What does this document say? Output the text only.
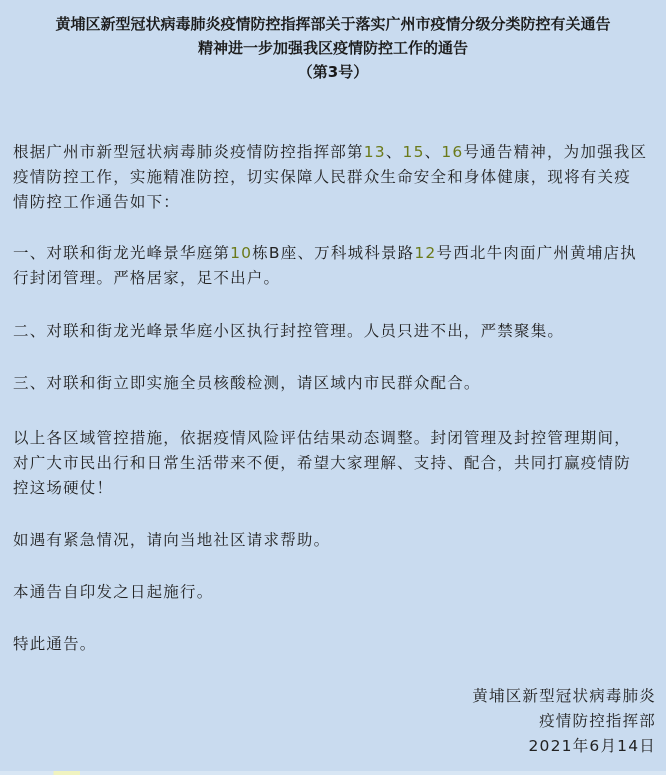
黄埔区新型冠状病毒肺炎疫情防控指挥部关于落实广州市疫情分级分类防控有关通告
精神进一步加强我区疫情防控工作的通告
（第3号）

根据广州市新型冠状病毒肺炎疫情防控指挥部第13、15、16号通告精神，为加强我区
疫情防控工作，实施精准防控，切实保障人民群众生命安全和身体健康，现将有关疫
情防控工作通告如下：

一、对联和街龙光峰景华庭第10栋B座、万科城科景路12号西北牛肉面广州黄埔店执
行封闭管理。严格居家，足不出户。

二、对联和街龙光峰景华庭小区执行封控管理。人员只进不出，严禁聚集。

三、对联和街立即实施全员核酸检测，请区域内市民群众配合。

以上各区域管控措施，依据疫情风险评估结果动态调整。封闭管理及封控管理期间，
对广大市民出行和日常生活带来不便，希望大家理解、支持、配合，共同打赢疫情防
控这场硬仗！

如遇有紧急情况，请向当地社区请求帮助。

本通告自印发之日起施行。

特此通告。

黄埔区新型冠状病毒肺炎
疫情防控指挥部
2021年6月14日
